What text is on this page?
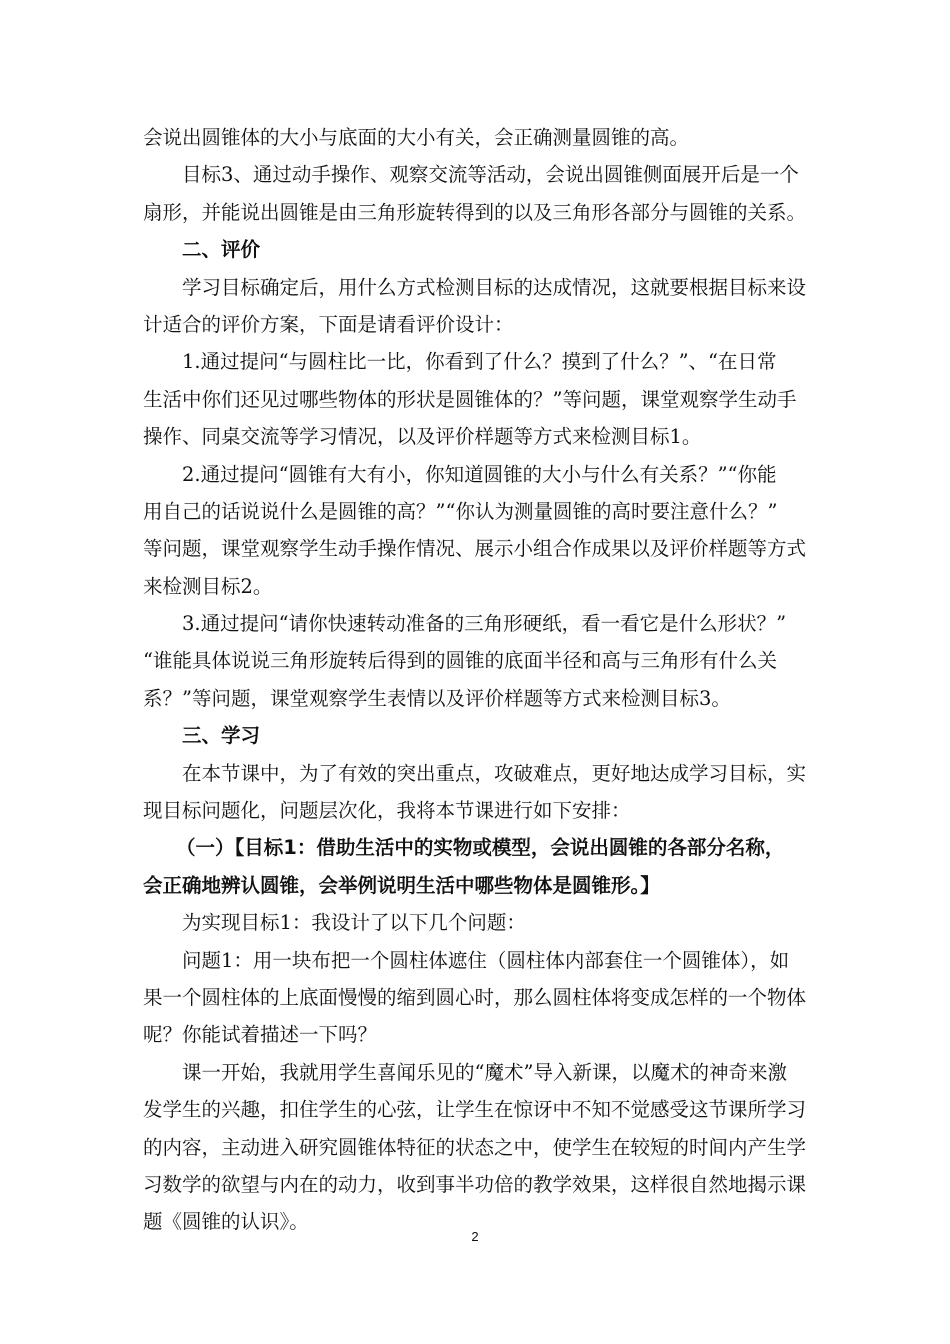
会说出圆锥体的大小与底面的大小有关，会正确测量圆锥的高。
目标3、通过动手操作、观察交流等活动，会说出圆锥侧面展开后是一个
扇形，并能说出圆锥是由三角形旋转得到的以及三角形各部分与圆锥的关系。
二、评价
学习目标确定后，用什么方式检测目标的达成情况，这就要根据目标来设
计适合的评价方案，下面是请看评价设计：
1.通过提问“与圆柱比一比，你看到了什么？摸到了什么？”、“在日常
生活中你们还见过哪些物体的形状是圆锥体的？”等问题，课堂观察学生动手
操作、同桌交流等学习情况，以及评价样题等方式来检测目标1。
2.通过提问“圆锥有大有小，你知道圆锥的大小与什么有关系？”“你能
用自己的话说说什么是圆锥的高？”“你认为测量圆锥的高时要注意什么？”
等问题，课堂观察学生动手操作情况、展示小组合作成果以及评价样题等方式
来检测目标2。
3.通过提问“请你快速转动准备的三角形硬纸，看一看它是什么形状？”
“谁能具体说说三角形旋转后得到的圆锥的底面半径和高与三角形有什么关
系？”等问题，课堂观察学生表情以及评价样题等方式来检测目标3。
三、学习
在本节课中，为了有效的突出重点，攻破难点，更好地达成学习目标，实
现目标问题化，问题层次化，我将本节课进行如下安排：
（一）【目标1：借助生活中的实物或模型，会说出圆锥的各部分名称，
会正确地辨认圆锥，会举例说明生活中哪些物体是圆锥形。】
为实现目标1：我设计了以下几个问题：
问题1：用一块布把一个圆柱体遮住（圆柱体内部套住一个圆锥体），如
果一个圆柱体的上底面慢慢的缩到圆心时，那么圆柱体将变成怎样的一个物体
呢？你能试着描述一下吗？
课一开始，我就用学生喜闻乐见的“魔术”导入新课，以魔术的神奇来激
发学生的兴趣，扣住学生的心弦，让学生在惊讶中不知不觉感受这节课所学习
的内容，主动进入研究圆锥体特征的状态之中，使学生在较短的时间内产生学
习数学的欲望与内在的动力，收到事半功倍的教学效果，这样很自然地揭示课
题《圆锥的认识》。
2
